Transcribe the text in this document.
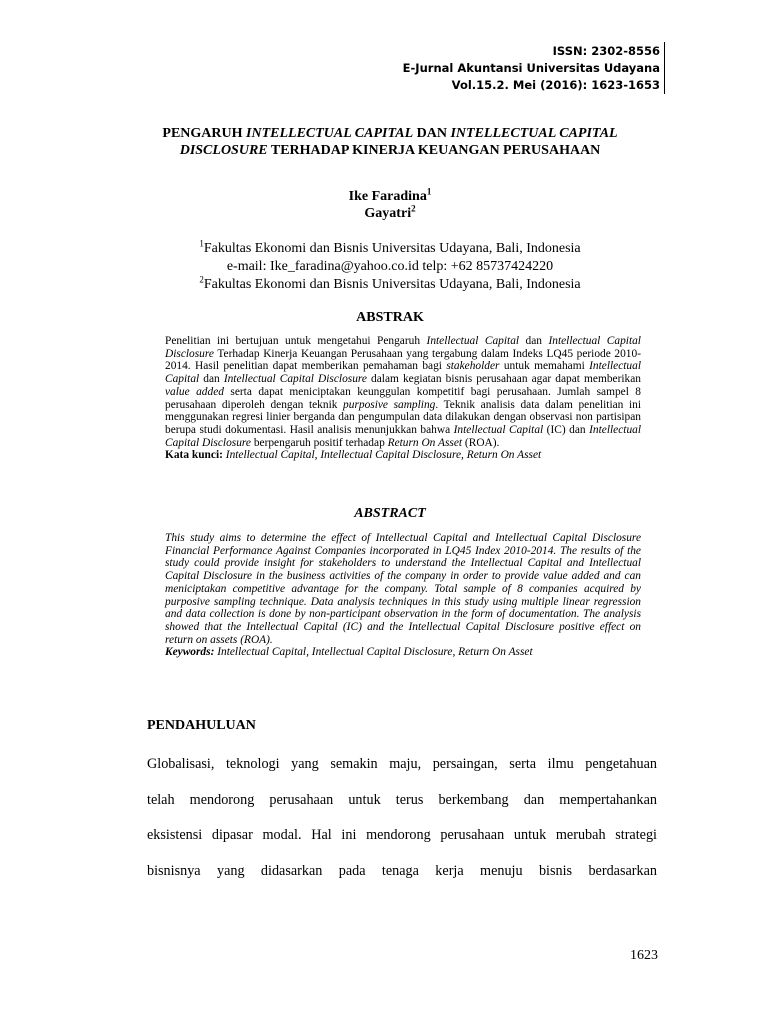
ISSN: 2302-8556
E-Jurnal Akuntansi Universitas Udayana
Vol.15.2. Mei (2016): 1623-1653
PENGARUH INTELLECTUAL CAPITAL DAN INTELLECTUAL CAPITAL DISCLOSURE TERHADAP KINERJA KEUANGAN PERUSAHAAN
Ike Faradina$^1$
Gayatri$^2$
$^1$Fakultas Ekonomi dan Bisnis Universitas Udayana, Bali, Indonesia
e-mail: Ike_faradina@yahoo.co.id telp: +62 85737424220
$^2$Fakultas Ekonomi dan Bisnis Universitas Udayana, Bali, Indonesia
ABSTRAK
Penelitian ini bertujuan untuk mengetahui Pengaruh Intellectual Capital dan Intellectual Capital Disclosure Terhadap Kinerja Keuangan Perusahaan yang tergabung dalam Indeks LQ45 periode 2010-2014. Hasil penelitian dapat memberikan pemahaman bagi stakeholder untuk memahami Intellectual Capital dan Intellectual Capital Disclosure dalam kegiatan bisnis perusahaan agar dapat memberikan value added serta dapat meniciptakan keunggulan kompetitif bagi perusahaan. Jumlah sampel 8 perusahaan diperoleh dengan teknik purposive sampling. Teknik analisis data dalam penelitian ini menggunakan regresi linier berganda dan pengumpulan data dilakukan dengan observasi non partisipan berupa studi dokumentasi. Hasil analisis menunjukkan bahwa Intellectual Capital (IC) dan Intellectual Capital Disclosure berpengaruh positif terhadap Return On Asset (ROA).
Kata kunci: Intellectual Capital, Intellectual Capital Disclosure, Return On Asset
ABSTRACT
This study aims to determine the effect of Intellectual Capital and Intellectual Capital Disclosure Financial Performance Against Companies incorporated in LQ45 Index 2010-2014. The results of the study could provide insight for stakeholders to understand the Intellectual Capital and Intellectual Capital Disclosure in the business activities of the company in order to provide value added and can meniciptakan competitive advantage for the company. Total sample of 8 companies acquired by purposive sampling technique. Data analysis techniques in this study using multiple linear regression and data collection is done by non-participant observation in the form of documentation. The analysis showed that the Intellectual Capital (IC) and the Intellectual Capital Disclosure positive effect on return on assets (ROA).
Keywords: Intellectual Capital, Intellectual Capital Disclosure, Return On Asset
PENDAHULUAN
Globalisasi, teknologi yang semakin maju, persaingan, serta ilmu pengetahuan
telah mendorong perusahaan untuk terus berkembang dan mempertahankan
eksistensi dipasar modal. Hal ini mendorong perusahaan untuk merubah strategi
bisnisnya yang didasarkan pada tenaga kerja menuju bisnis berdasarkan
1623
